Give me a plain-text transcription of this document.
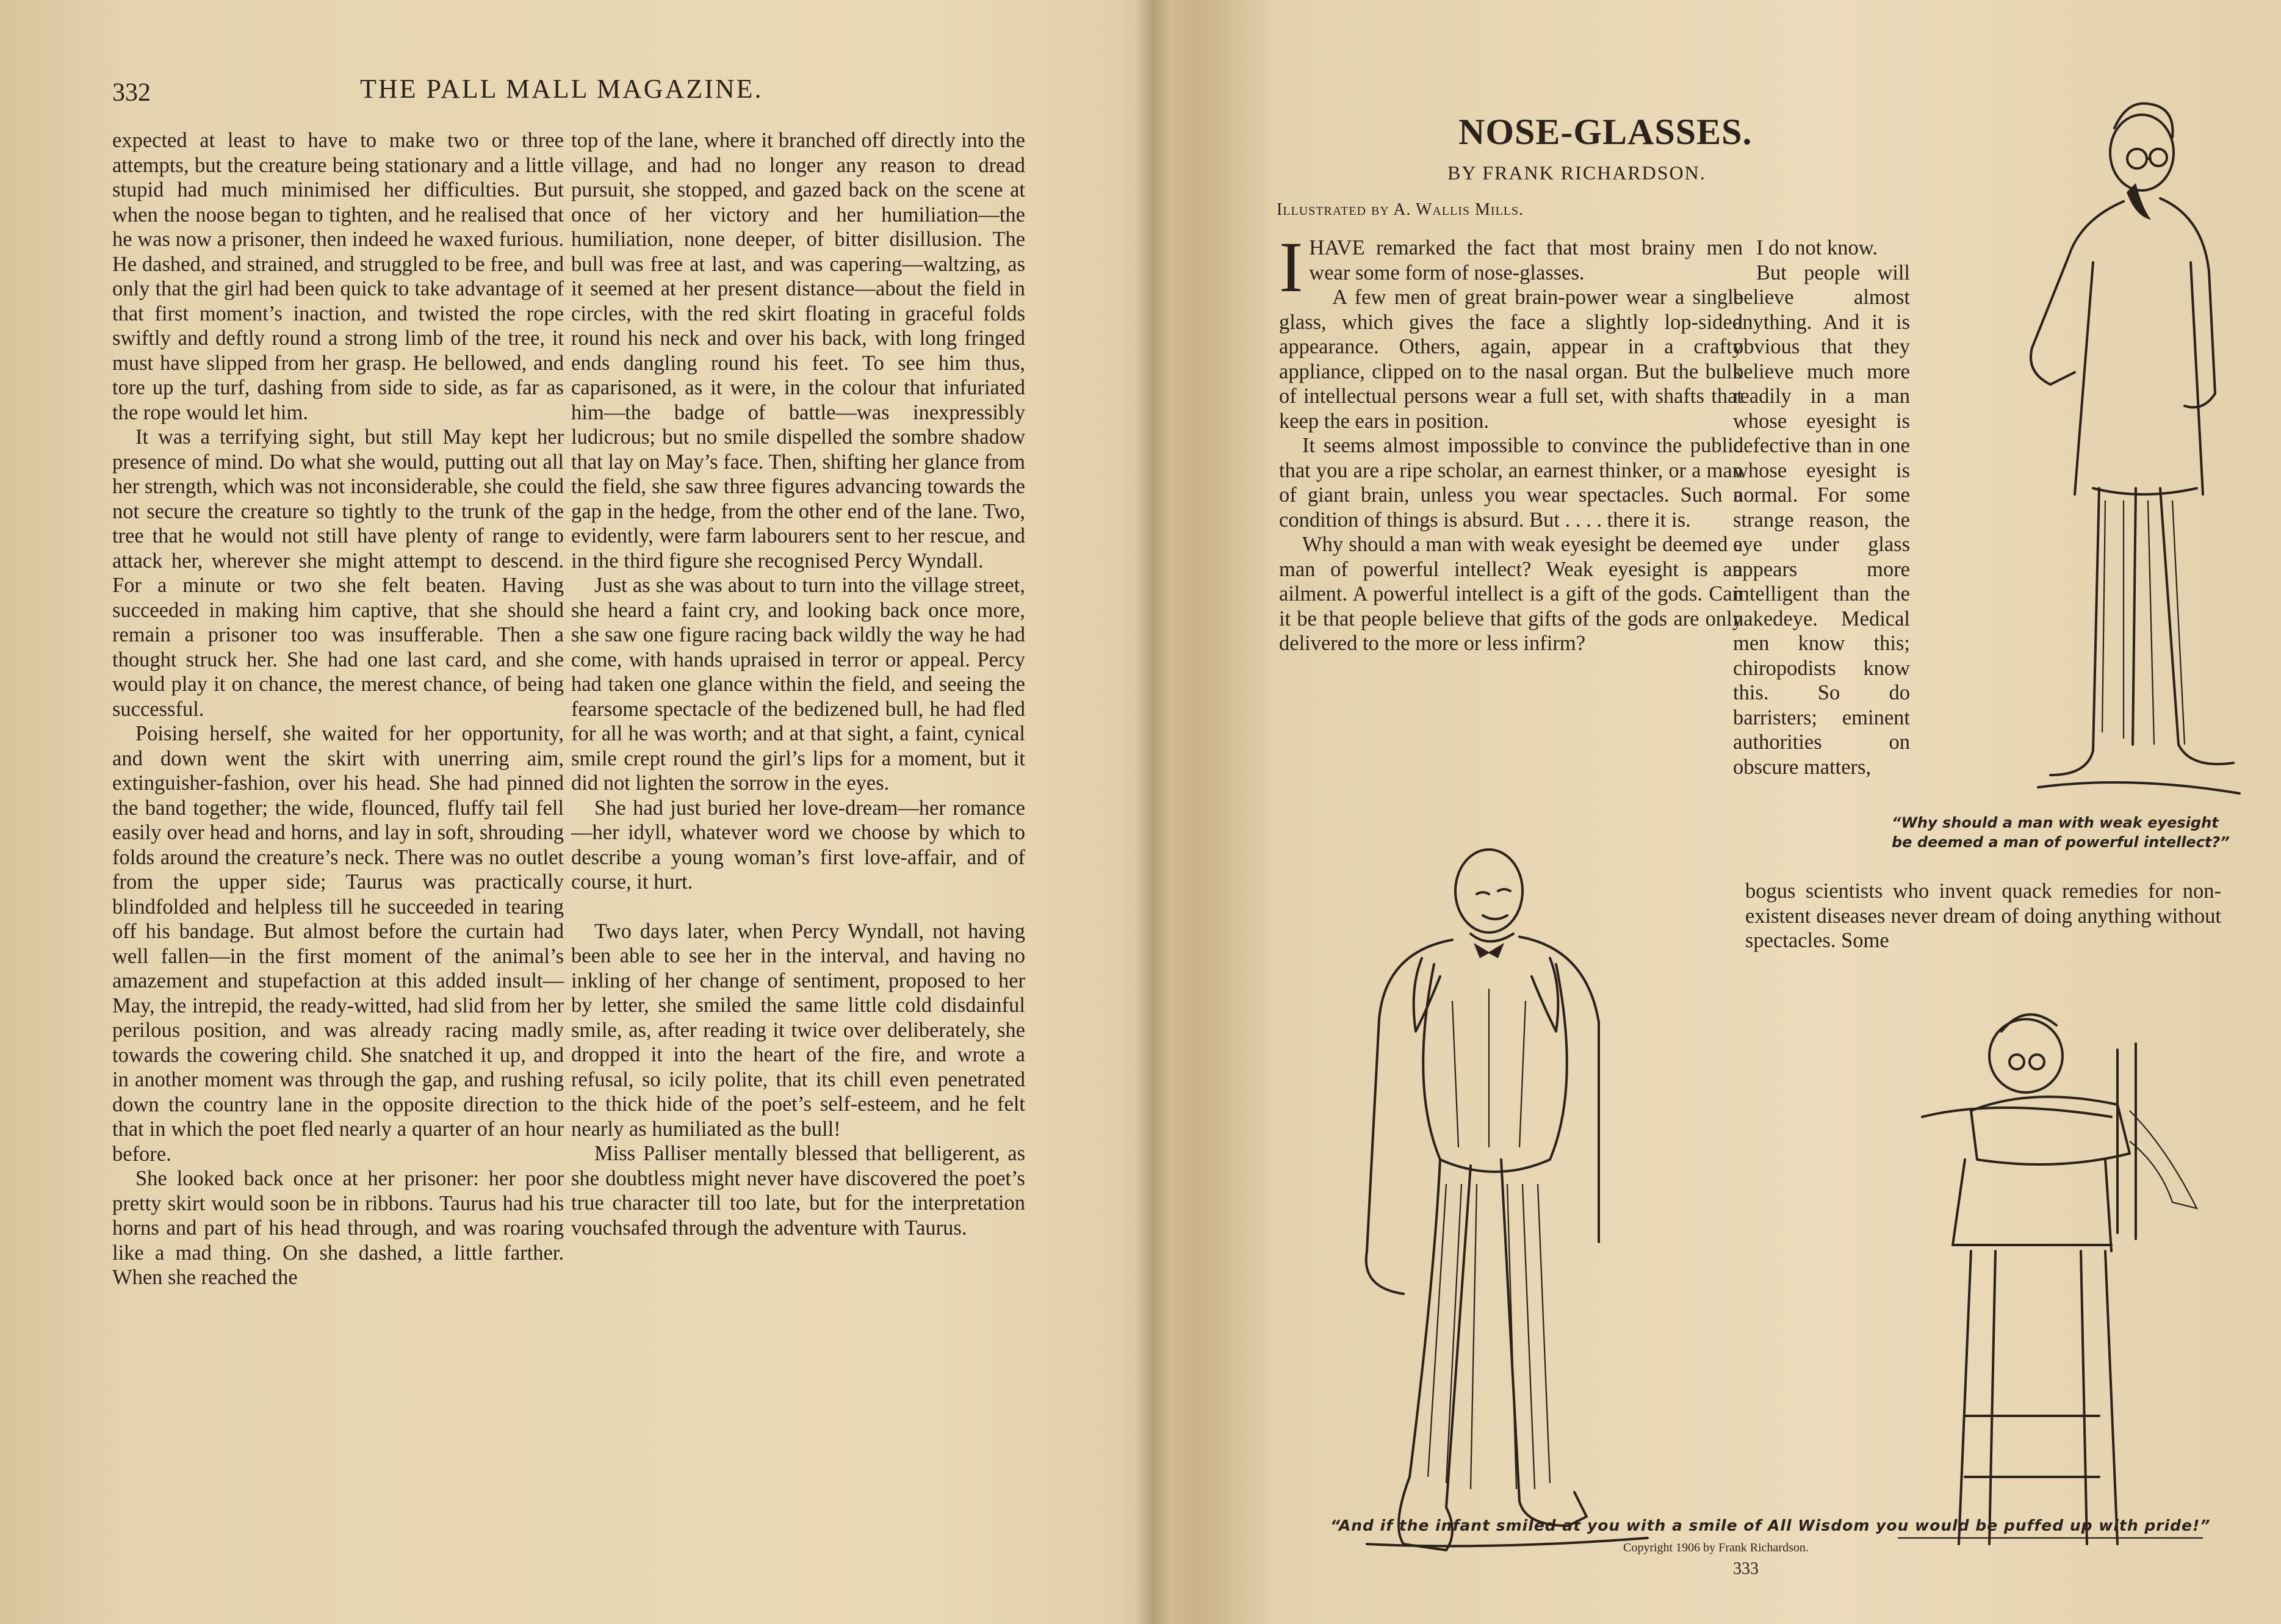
332	THE PALL MALL MAGAZINE.

expected at least to have to make two or three attempts, but the creature being stationary and a little stupid had much minimised her difficulties. But when the noose began to tighten, and he realised that he was now a prisoner, then indeed he waxed furious. He dashed, and strained, and struggled to be free, and only that the girl had been quick to take advantage of that first moment’s inaction, and twisted the rope swiftly and deftly round a strong limb of the tree, it must have slipped from her grasp. He bellowed, and tore up the turf, dashing from side to side, as far as the rope would let him.

It was a terrifying sight, but still May kept her presence of mind. Do what she would, putting out all her strength, which was not inconsiderable, she could not secure the creature so tightly to the trunk of the tree that he would not still have plenty of range to attack her, wherever she might attempt to descend. For a minute or two she felt beaten. Having succeeded in making him captive, that she should remain a prisoner too was insufferable. Then a thought struck her. She had one last card, and she would play it on chance, the merest chance, of being successful.

Poising herself, she waited for her opportunity, and down went the skirt with unerring aim, extinguisher-fashion, over his head. She had pinned the band together; the wide, flounced, fluffy tail fell easily over head and horns, and lay in soft, shrouding folds around the creature’s neck. There was no outlet from the upper side; Taurus was practically blindfolded and helpless till he succeeded in tearing off his bandage. But almost before the curtain had well fallen—in the first moment of the animal’s amazement and stupefaction at this added insult—May, the intrepid, the ready-witted, had slid from her perilous position, and was already racing madly towards the cowering child. She snatched it up, and in another moment was through the gap, and rushing down the country lane in the opposite direction to that in which the poet fled nearly a quarter of an hour before.

She looked back once at her prisoner: her poor pretty skirt would soon be in ribbons. Taurus had his horns and part of his head through, and was roaring like a mad thing. On she dashed, a little farther. When she reached the

top of the lane, where it branched off directly into the village, and had no longer any reason to dread pursuit, she stopped, and gazed back on the scene at once of her victory and her humiliation—the humiliation, none deeper, of bitter disillusion. The bull was free at last, and was capering—waltzing, as it seemed at her present distance—about the field in circles, with the red skirt floating in graceful folds round his neck and over his back, with long fringed ends dangling round his feet. To see him thus, caparisoned, as it were, in the colour that infuriated him—the badge of battle—was inexpressibly ludicrous; but no smile dispelled the sombre shadow that lay on May’s face. Then, shifting her glance from the field, she saw three figures advancing towards the gap in the hedge, from the other end of the lane. Two, evidently, were farm labourers sent to her rescue, and in the third figure she recognised Percy Wyndall.

Just as she was about to turn into the village street, she heard a faint cry, and looking back once more, she saw one figure racing back wildly the way he had come, with hands upraised in terror or appeal. Percy had taken one glance within the field, and seeing the fearsome spectacle of the bedizened bull, he had fled for all he was worth; and at that sight, a faint, cynical smile crept round the girl’s lips for a moment, but it did not lighten the sorrow in the eyes.

She had just buried her love-dream—her romance—her idyll, whatever word we choose by which to describe a young woman’s first love-affair, and of course, it hurt.

Two days later, when Percy Wyndall, not having been able to see her in the interval, and having no inkling of her change of sentiment, proposed to her by letter, she smiled the same little cold disdainful smile, as, after reading it twice over deliberately, she dropped it into the heart of the fire, and wrote a refusal, so icily polite, that its chill even penetrated the thick hide of the poet’s self-esteem, and he felt nearly as humiliated as the bull!

Miss Palliser mentally blessed that belligerent, as she doubtless might never have discovered the poet’s true character till too late, but for the interpretation vouchsafed through the adventure with Taurus.

NOSE-GLASSES.
BY FRANK RICHARDSON.
Illustrated by A. Wallis Mills.

IHAVE remarked the fact that most brainy men wear some form of nose-glasses.

A few men of great brain-power wear a single glass, which gives the face a slightly lop-sided appearance. Others, again, appear in a crafty appliance, clipped on to the nasal organ. But the bulk of intellectual persons wear a full set, with shafts that keep the ears in position.

It seems almost impossible to convince the public that you are a ripe scholar, an earnest thinker, or a man of giant brain, unless you wear spectacles. Such a condition of things is absurd. But . . . . there it is.

Why should a man with weak eyesight be deemed a man of powerful intellect? Weak eyesight is an ailment. A powerful intellect is a gift of the gods. Can it be that people believe that gifts of the gods are only delivered to the more or less infirm?

I do not know.

But people will believe almost anything. And it is obvious that they believe much more readily in a man whose eyesight is defective than in one whose eyesight is normal. For some strange reason, the eye under glass appears more intelligent than the nakedeye. Medical men know this; chiropodists know this. So do barristers; eminent authorities on obscure matters,

bogus scientists who invent quack remedies for non-existent diseases never dream of doing anything without spectacles. Some

“Why should a man with weak eyesight be deemed a man of powerful intellect?”
“And if the infant smiled at you with a smile of All Wisdom you would be puffed up with pride!”
Copyright 1906 by Frank Richardson.
333
